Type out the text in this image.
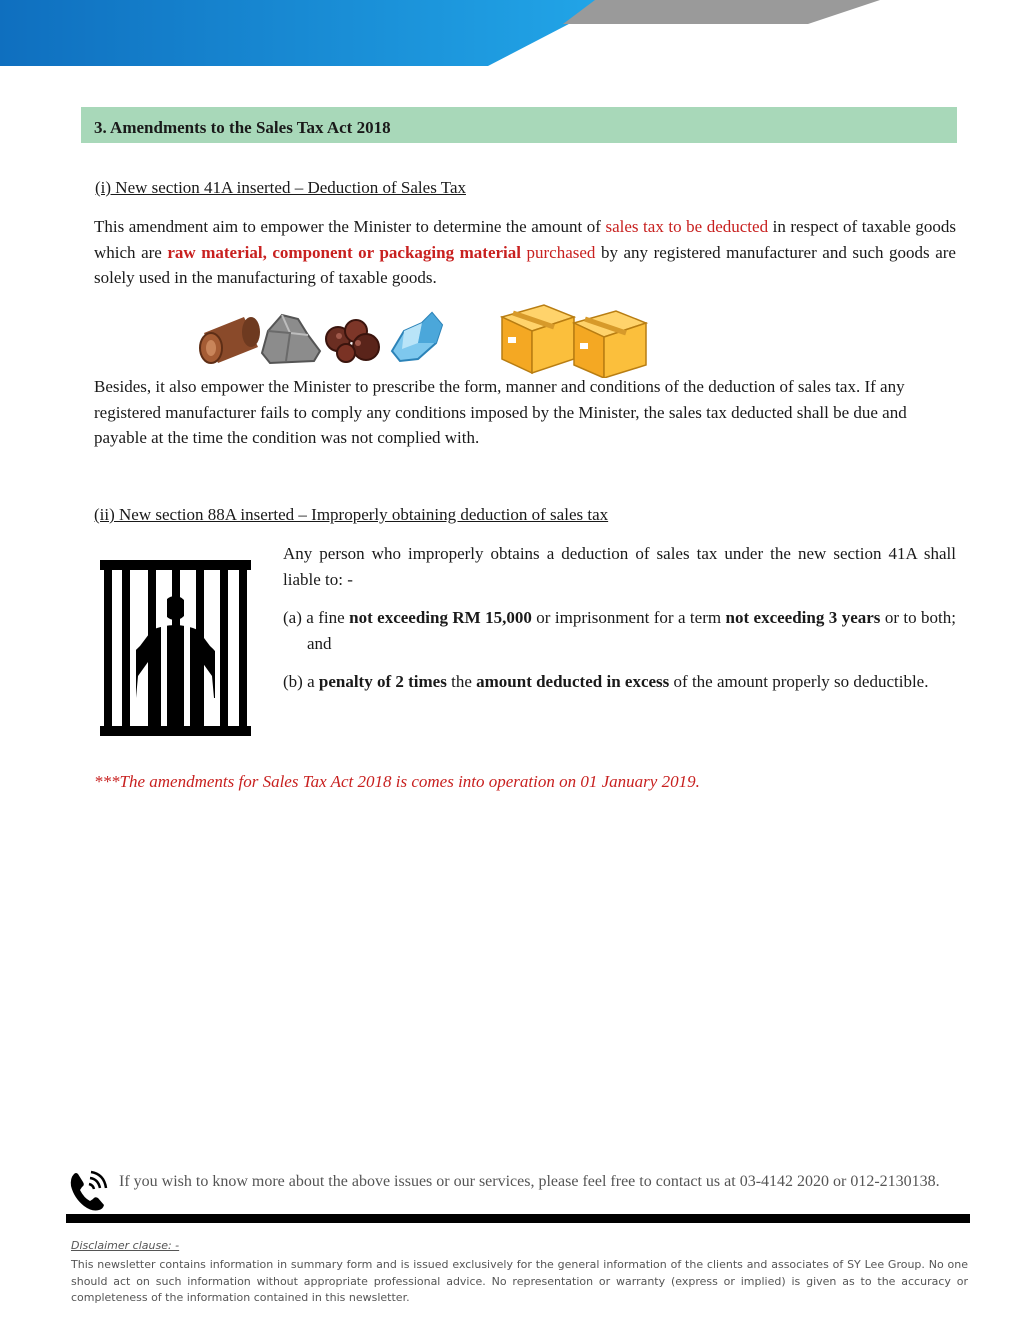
3. Amendments to the Sales Tax Act 2018
(i) New section 41A inserted – Deduction of Sales Tax

This amendment aim to empower the Minister to determine the amount of sales tax to be deducted in respect of taxable goods which are raw material, component or packaging material purchased by any registered manufacturer and such goods are solely used in the manufacturing of taxable goods.

Besides, it also empower the Minister to prescribe the form, manner and conditions of the deduction of sales tax. If any registered manufacturer fails to comply any conditions imposed by the Minister, the sales tax deducted shall be due and payable at the time the condition was not complied with.

(ii) New section 88A inserted – Improperly obtaining deduction of sales tax

Any person who improperly obtains a deduction of sales tax under the new section 41A shall liable to: -

(a) a fine not exceeding RM 15,000 or imprisonment for a term not exceeding 3 years or to both; and

(b) a penalty of 2 times the amount deducted in excess of the amount properly so deductible.

***The amendments for Sales Tax Act 2018 is comes into operation on 01 January 2019.
If you wish to know more about the above issues or our services, please feel free to contact us at 03-4142 2020 or 012-2130138.
Disclaimer clause: -

This newsletter contains information in summary form and is issued exclusively for the general information of the clients and associates of SY Lee Group. No one should act on such information without appropriate professional advice. No representation or warranty (express or implied) is given as to the accuracy or completeness of the information contained in this newsletter.
